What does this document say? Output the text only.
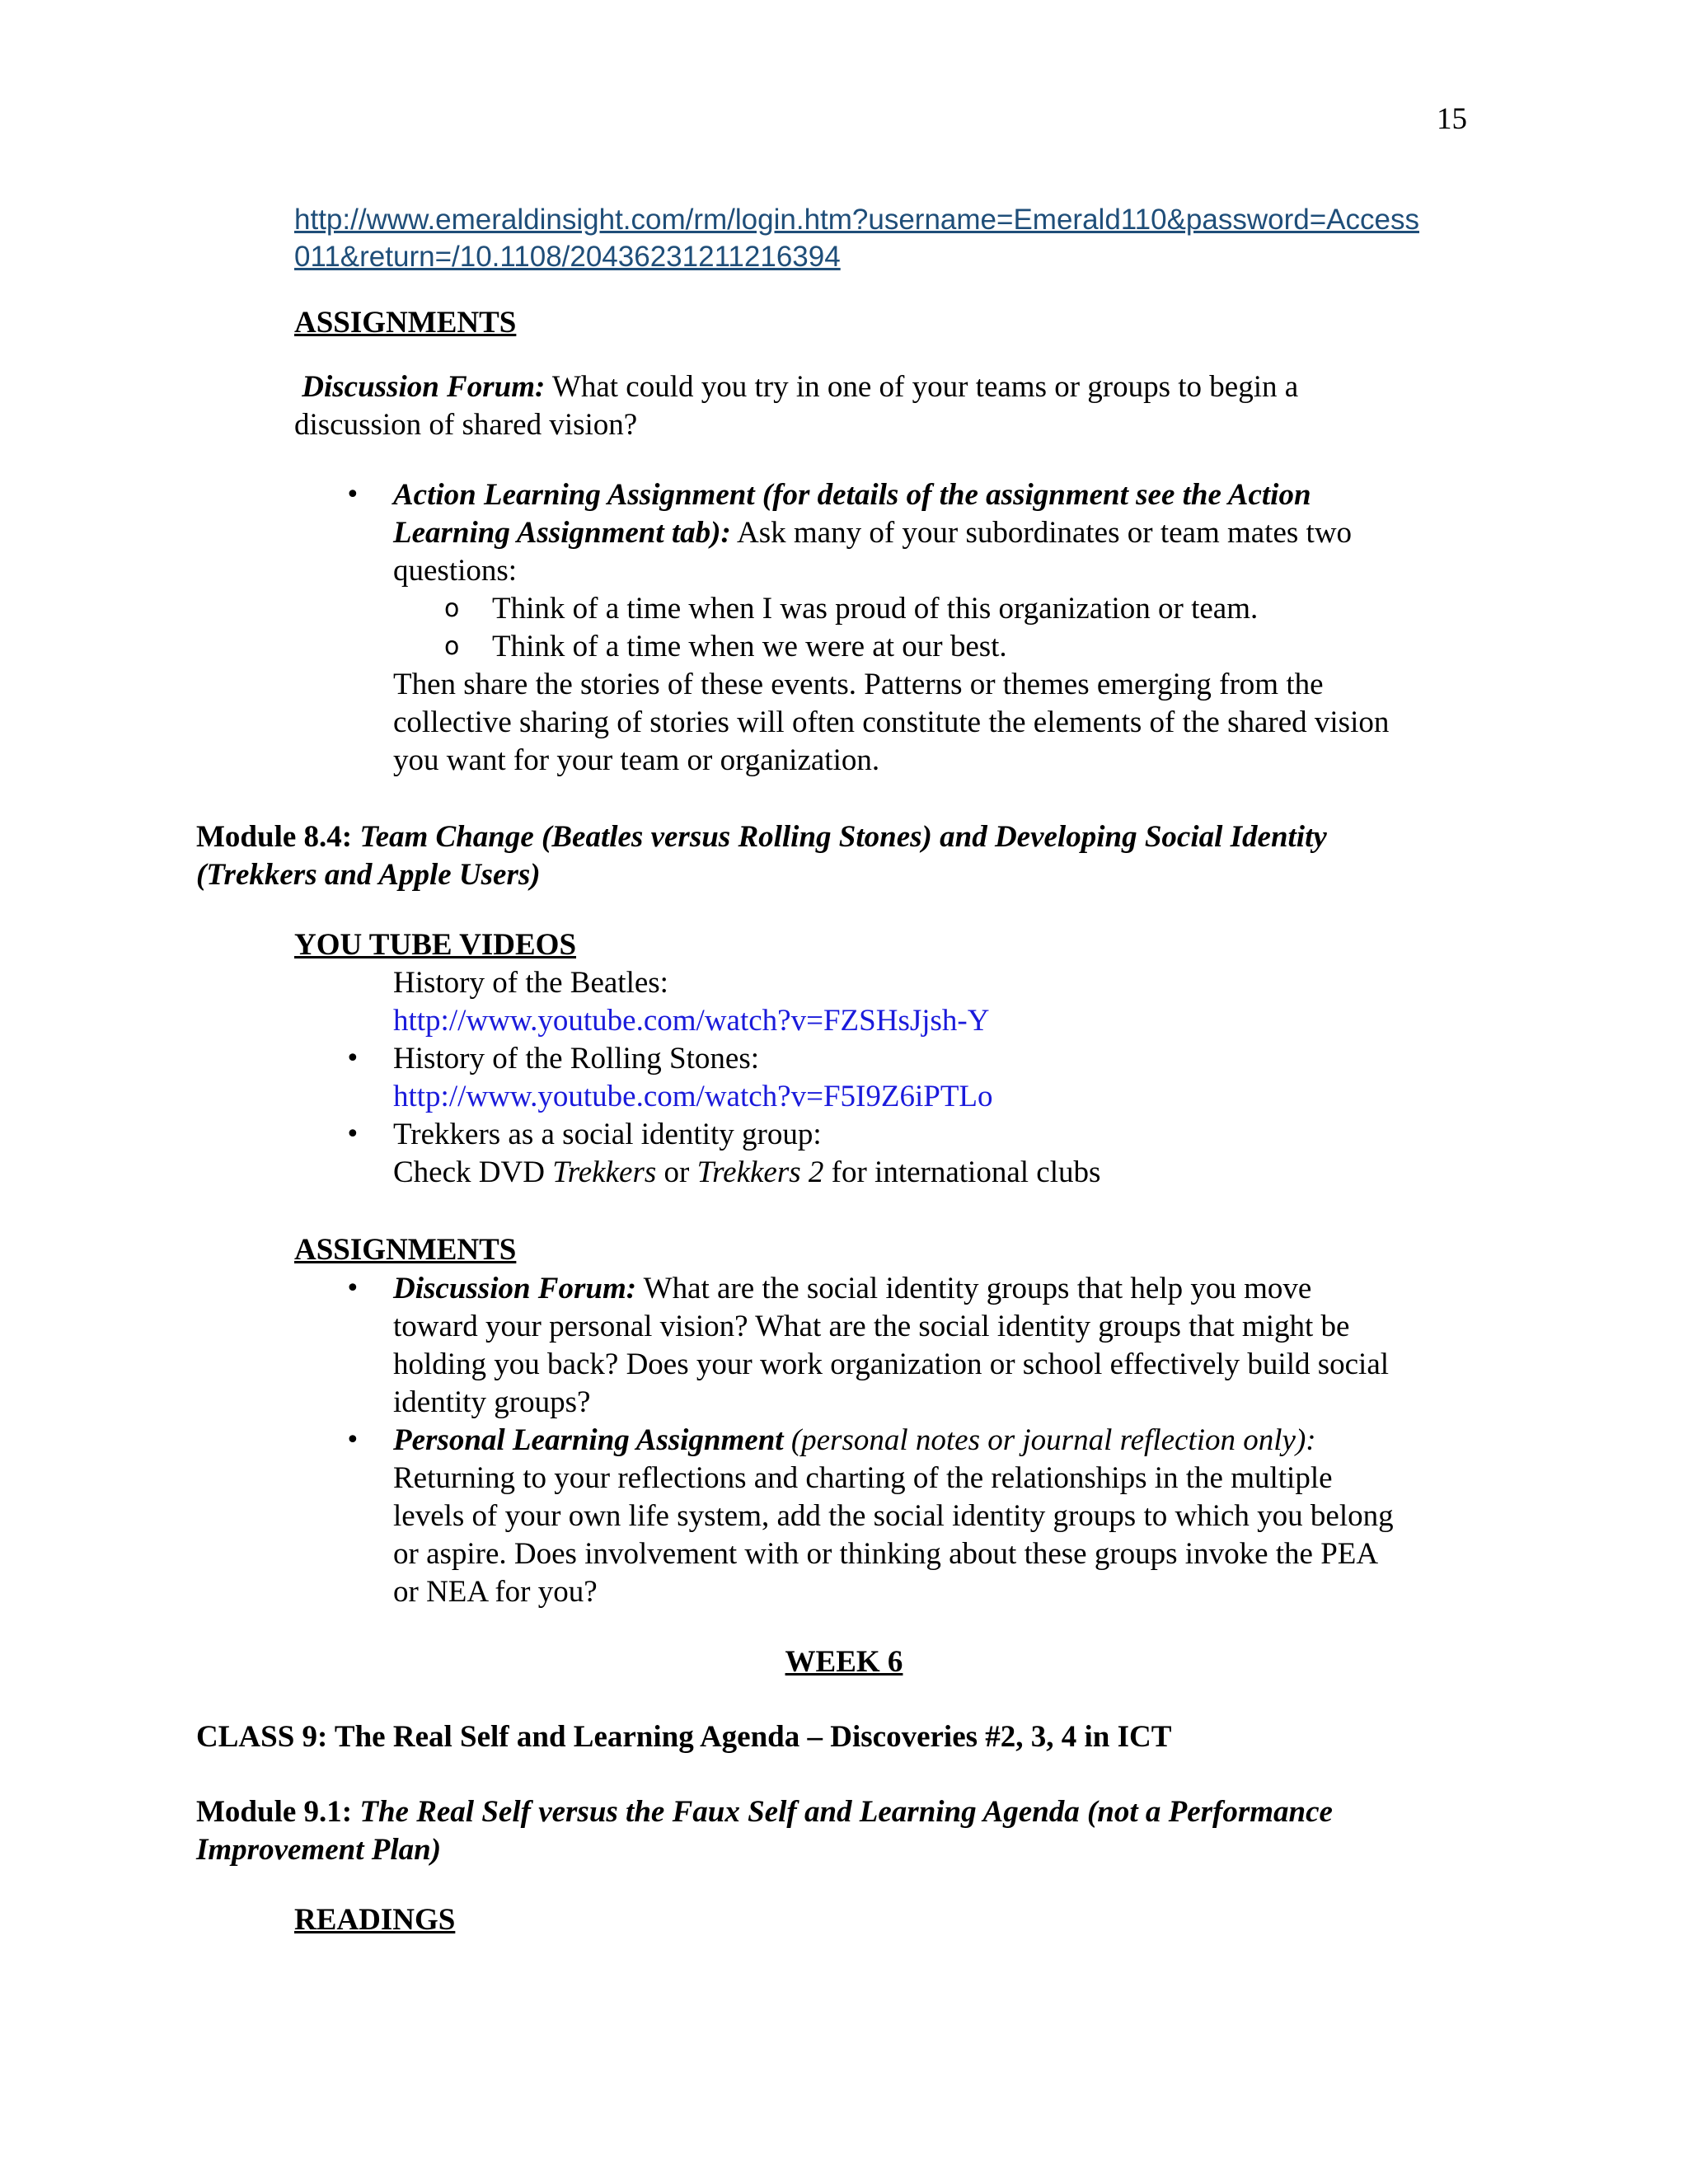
15
http://www.emeraldinsight.com/rm/login.htm?username=Emerald110&password=Access
011&return=/10.1108/20436231211216394
ASSIGNMENTS
Discussion Forum: What could you try in one of your teams or groups to begin a
discussion of shared vision?
• Action Learning Assignment (for details of the assignment see the Action
Learning Assignment tab): Ask many of your subordinates or team mates two
questions:
o Think of a time when I was proud of this organization or team.
o Think of a time when we were at our best.
Then share the stories of these events. Patterns or themes emerging from the
collective sharing of stories will often constitute the elements of the shared vision
you want for your team or organization.
Module 8.4: Team Change (Beatles versus Rolling Stones) and Developing Social Identity
(Trekkers and Apple Users)
YOU TUBE VIDEOS
History of the Beatles:
http://www.youtube.com/watch?v=FZSHsJjsh-Y
• History of the Rolling Stones:
http://www.youtube.com/watch?v=F5I9Z6iPTLo
• Trekkers as a social identity group:
Check DVD Trekkers or Trekkers 2 for international clubs
ASSIGNMENTS
• Discussion Forum: What are the social identity groups that help you move
toward your personal vision? What are the social identity groups that might be
holding you back? Does your work organization or school effectively build social
identity groups?
• Personal Learning Assignment (personal notes or journal reflection only):
Returning to your reflections and charting of the relationships in the multiple
levels of your own life system, add the social identity groups to which you belong
or aspire. Does involvement with or thinking about these groups invoke the PEA
or NEA for you?
WEEK 6
CLASS 9: The Real Self and Learning Agenda – Discoveries #2, 3, 4 in ICT
Module 9.1: The Real Self versus the Faux Self and Learning Agenda (not a Performance
Improvement Plan)
READINGS
